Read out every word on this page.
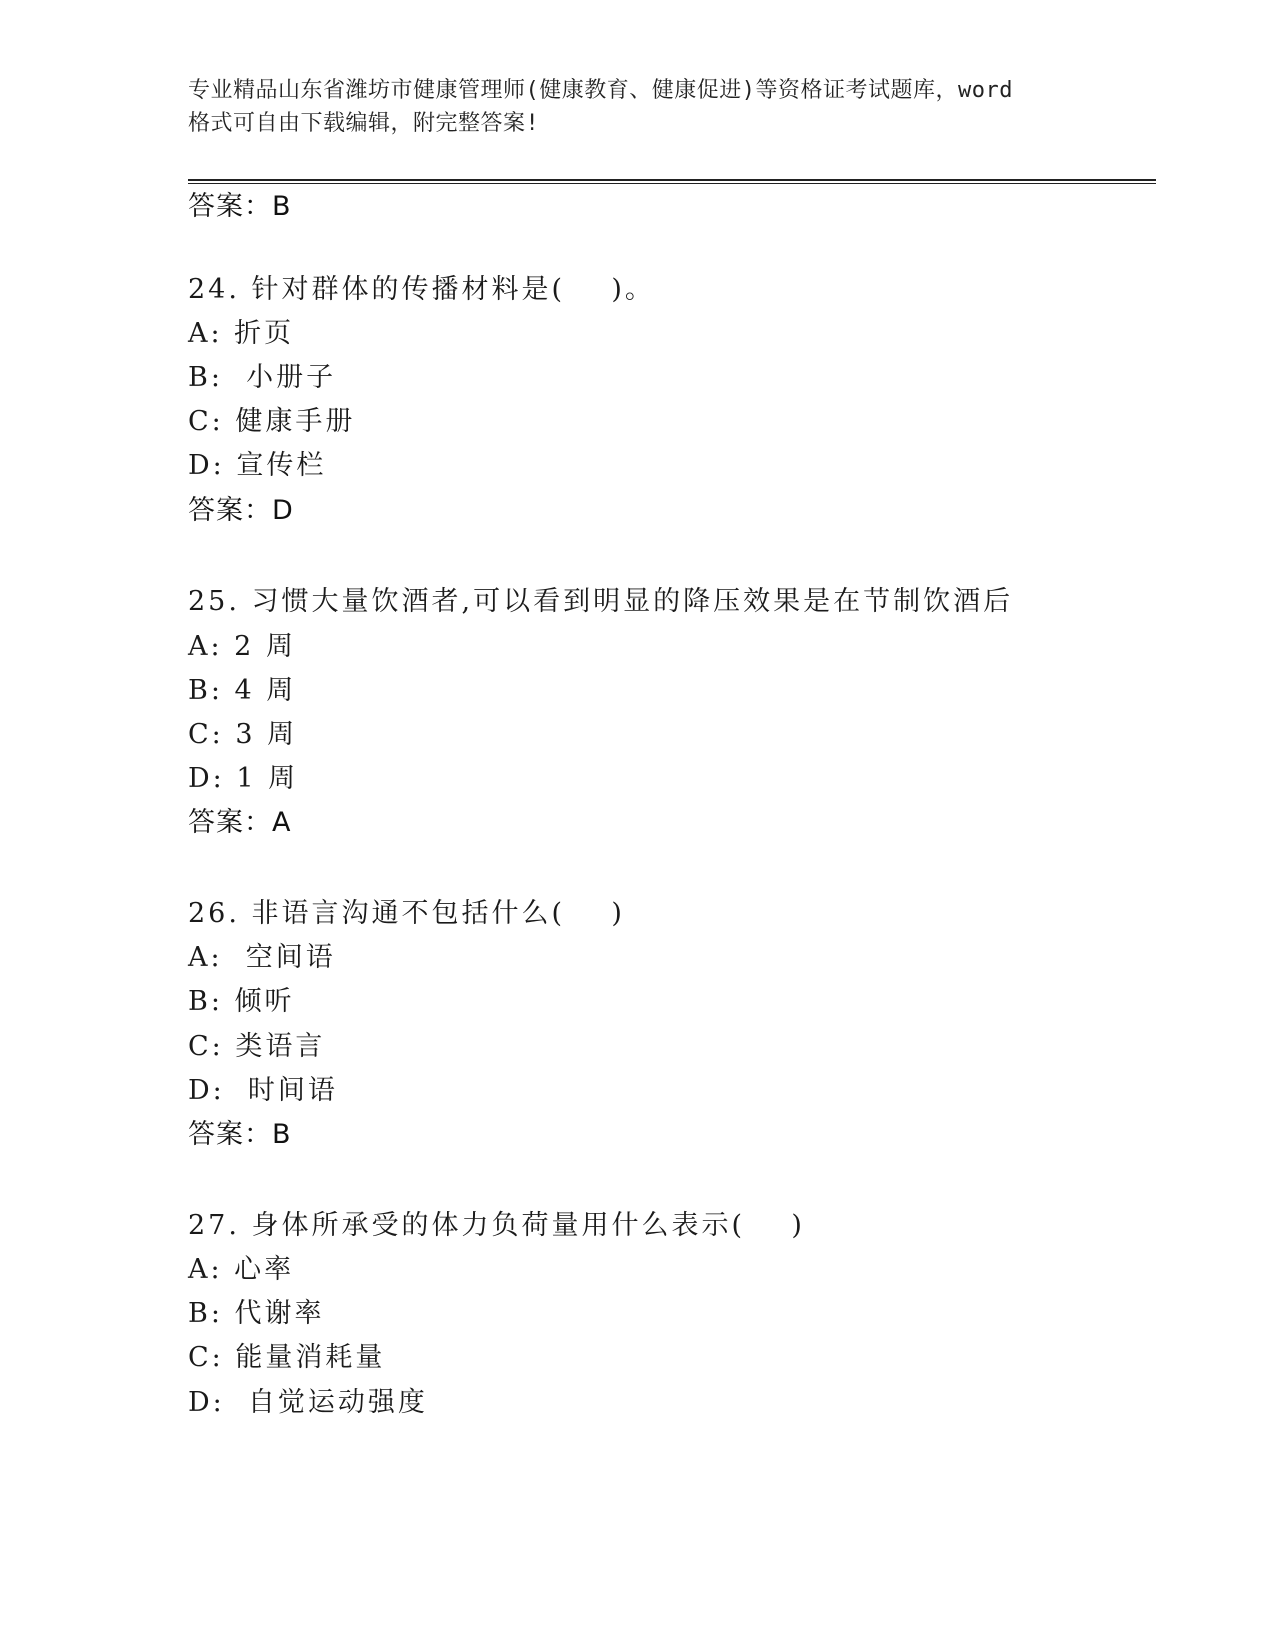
专业精品山东省潍坊市健康管理师(健康教育、健康促进)等资格证考试题库，word
格式可自由下载编辑，附完整答案!
答案：B
24. 针对群体的传播材料是(    )。
A: 折页
B:  小册子
C: 健康手册
D: 宣传栏
答案：D
25. 习惯大量饮酒者,可以看到明显的降压效果是在节制饮酒后
A: 2 周
B: 4 周
C: 3 周
D: 1 周
答案：A
26. 非语言沟通不包括什么(    )
A:  空间语
B: 倾听
C: 类语言
D:  时间语
答案：B
27. 身体所承受的体力负荷量用什么表示(    )
A: 心率
B: 代谢率
C: 能量消耗量
D:  自觉运动强度
